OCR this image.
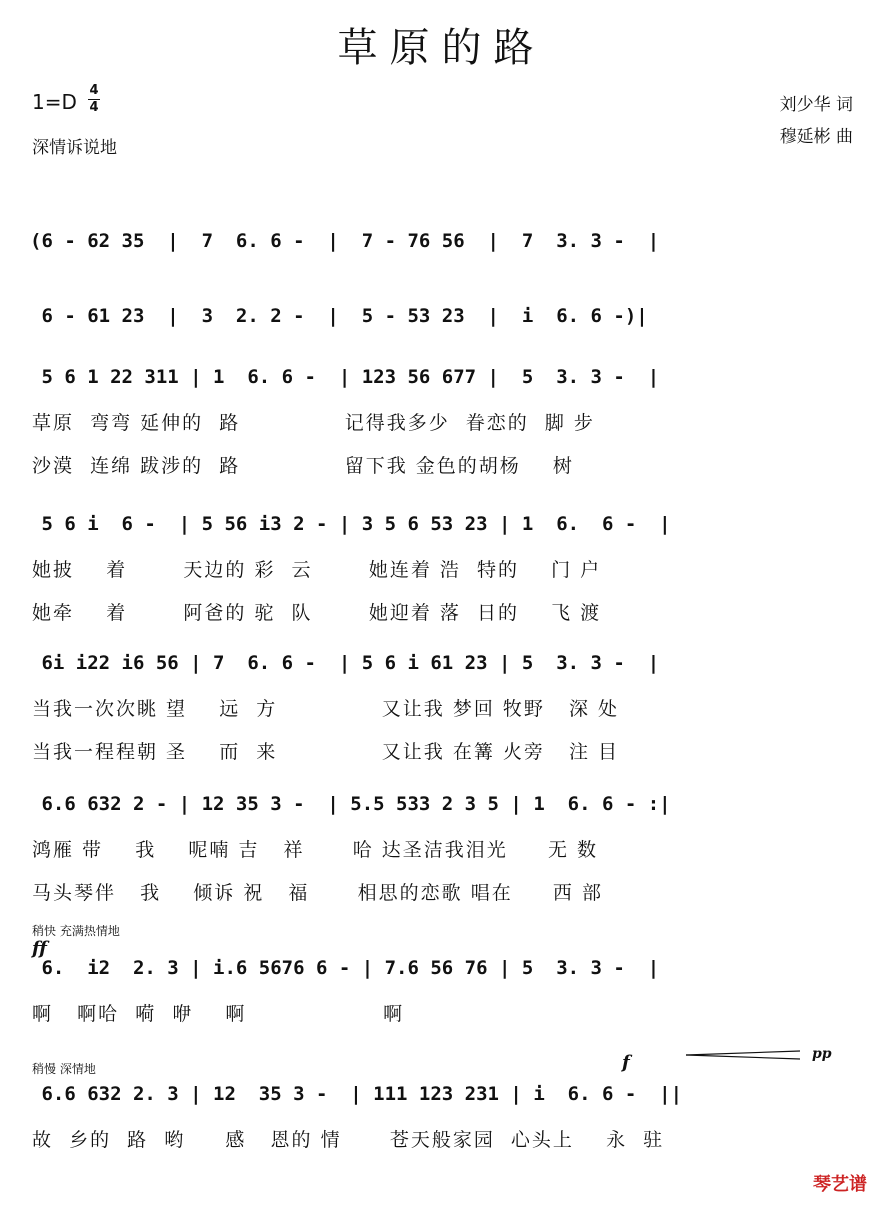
草原的路
1=D 4
4
深情诉说地
刘少华 词
穆延彬 曲
(6 - 62 35  |  7  6. 6 -  |  7 - 76 56  |  7  3. 3 -  |
6 - 61 23  |  3  2. 2 -  |  5 - 53 23  |  i  6. 6 -)|
5 6 1 22 311 | 1  6. 6 -  | 123 56 677 |  5  3. 3 -  |
草原  弯弯 延伸的  路             记得我多少  眷恋的  脚 步
沙漠  连绵 跋涉的  路             留下我 金色的胡杨    树
5 6 i  6 -  | 5 56 i3 2 - | 3 5 6 53 23 | 1  6.  6 -  |
她披    着       天边的 彩  云       她连着 浩  特的    门 户
她牵    着       阿爸的 驼  队       她迎着 落  日的    飞 渡
6i i22 i6 56 | 7  6. 6 -  | 5 6 i 61 23 | 5  3. 3 -  |
当我一次次眺 望    远  方             又让我 梦回 牧野   深 处
当我一程程朝 圣    而  来             又让我 在篝 火旁   注 目
6.6 632 2 - | 12 35 3 -  | 5.5 533 2 3 5 | 1  6. 6 - :|
鸿雁 带    我    呢喃 吉   祥      哈 达圣洁我泪光     无 数
马头琴伴   我    倾诉 祝   福      相思的恋歌 唱在     西 部
6.  i2  2. 3 | i.6 5676 6 - | 7.6 56 76 | 5  3. 3 -  |
啊   啊哈  嗬  咿    啊                 啊
6.6 632 2. 3 | 12  35 3 -  | 111 123 231 | i  6. 6 -  ||
故  乡的  路  哟     感   恩的 情      苍天般家园  心头上    永  驻
稍快 充满热情地
ff
稍慢 深情地	f	pp
琴艺谱
